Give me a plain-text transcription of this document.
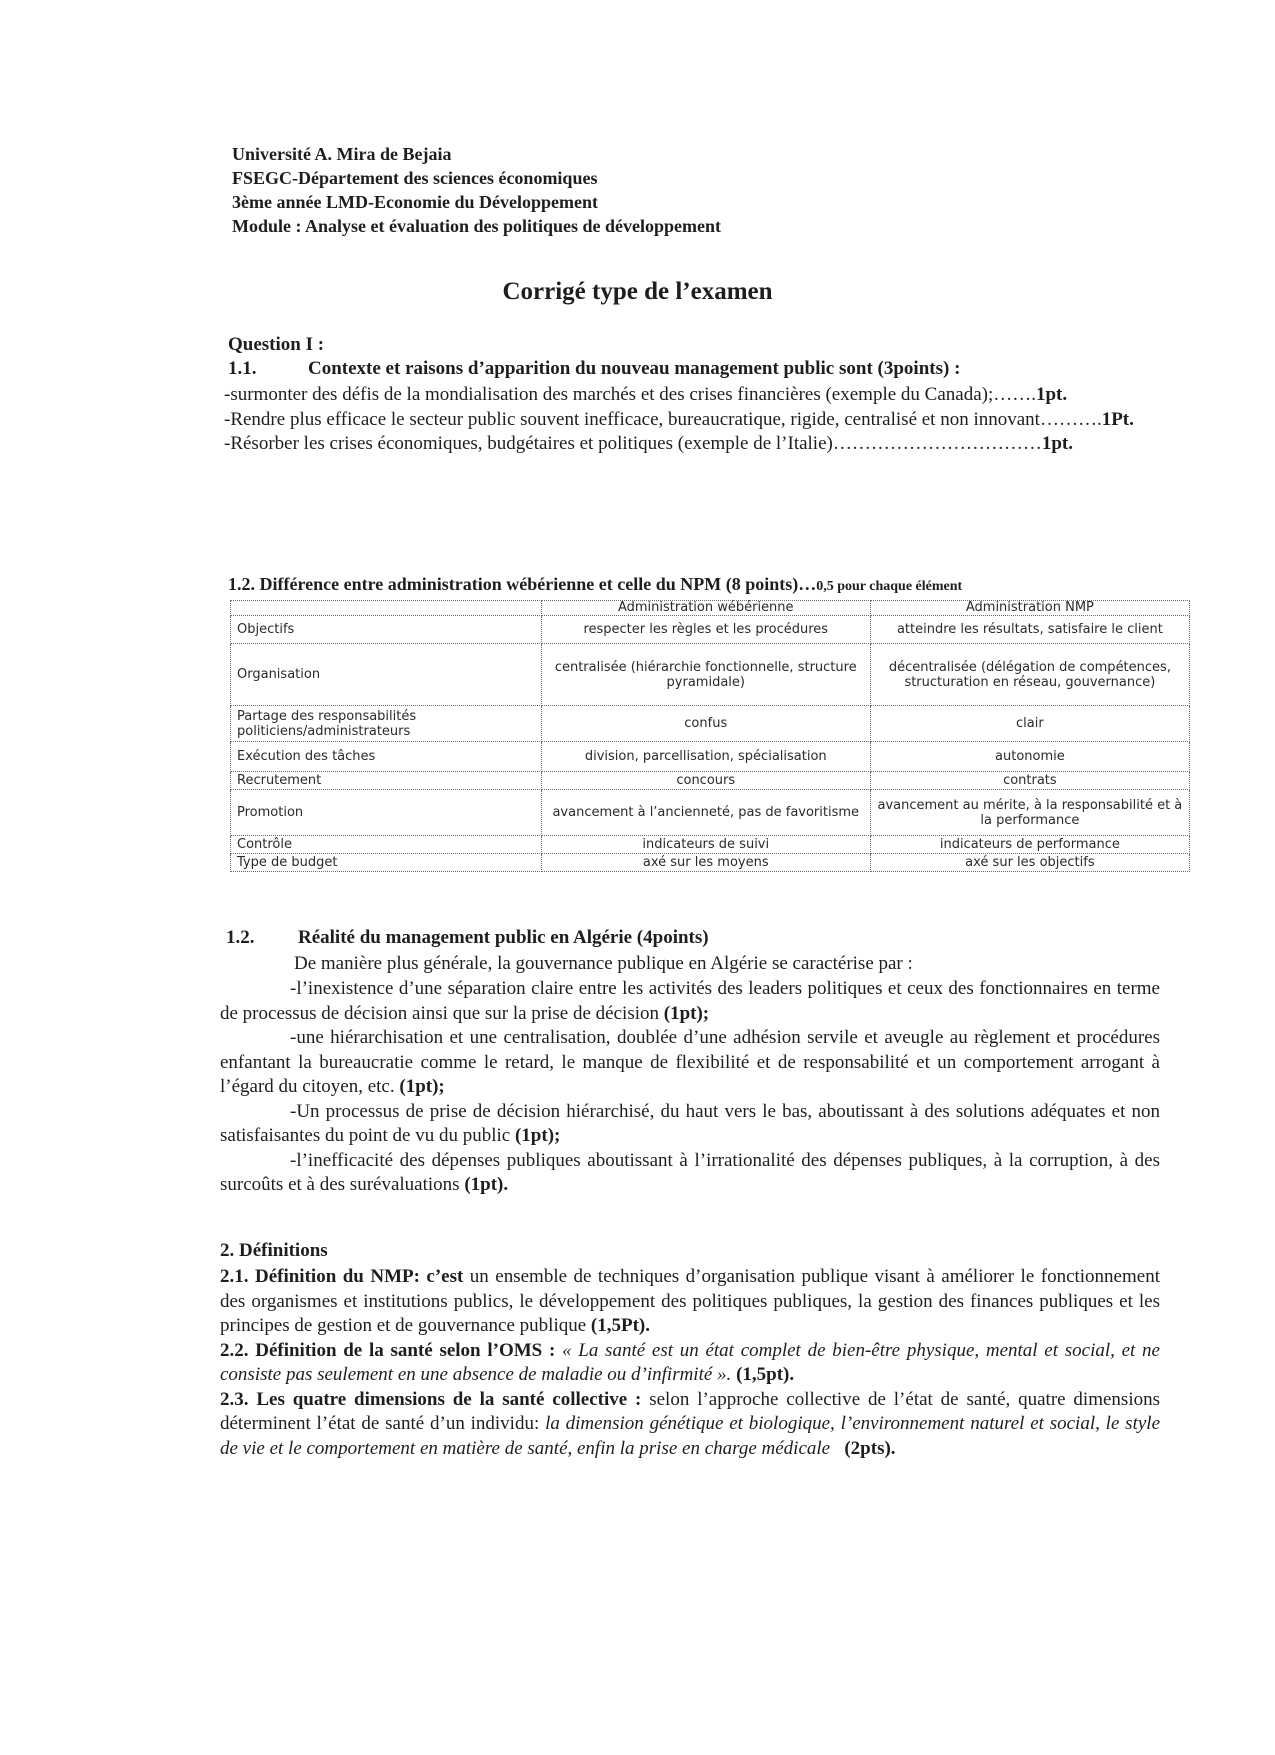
Université A. Mira de Bejaia
FSEGC-Département des sciences économiques
3ème année LMD-Economie du Développement
Module : Analyse et évaluation des politiques de développement
Corrigé type de l’examen
Question I :
1.1.	Contexte et raisons d’apparition du nouveau management public sont (3points) :

-surmonter des défis de la mondialisation des marchés et des crises financières (exemple du Canada);…….1pt.

-Rendre plus efficace le secteur public souvent inefficace, bureaucratique, rigide, centralisé et non innovant……….1Pt.

-Résorber les crises économiques, budgétaires et politiques (exemple de l’Italie)……………………………1pt.

1.2. Différence entre administration wébérienne et celle du NPM (8 points)…0,5 pour chaque élément
	Administration wébérienne	Administration NMP
Objectifs	respecter les règles et les procédures	atteindre les résultats, satisfaire le client
Organisation	centralisée (hiérarchie fonctionnelle, structure pyramidale)	décentralisée (délégation de compétences, structuration en réseau, gouvernance)
Partage des responsabilités politiciens/administrateurs	confus	clair
Exécution des tâches	division, parcellisation, spécialisation	autonomie
Recrutement	concours	contrats
Promotion	avancement à l’ancienneté, pas de favoritisme	avancement au mérite, à la responsabilité et à la performance
Contrôle	indicateurs de suivi	indicateurs de performance
Type de budget	axé sur les moyens	axé sur les objectifs
1.2. Réalité du management public en Algérie (4points)

De manière plus générale, la gouvernance publique en Algérie se caractérise par :

-l’inexistence d’une séparation claire entre les activités des leaders politiques et ceux des fonctionnaires en terme de processus de décision ainsi que sur la prise de décision (1pt);

-une hiérarchisation et une centralisation, doublée d’une adhésion servile et aveugle au règlement et procédures enfantant la bureaucratie comme le retard, le manque de flexibilité et de responsabilité et un comportement arrogant à l’égard du citoyen, etc. (1pt);

-Un processus de prise de décision hiérarchisé, du haut vers le bas, aboutissant à des solutions adéquates et non satisfaisantes du point de vu du public (1pt);

-l’inefficacité des dépenses publiques aboutissant à l’irrationalité des dépenses publiques, à la corruption, à des surcoûts et à des surévaluations (1pt).

2. Définitions

2.1. Définition du NMP: c’est un ensemble de techniques d’organisation publique visant à améliorer le fonctionnement des organismes et institutions publics, le développement des politiques publiques, la gestion des finances publiques et les principes de gestion et de gouvernance publique (1,5Pt).

2.2. Définition de la santé selon l’OMS : « La santé est un état complet de bien-être physique, mental et social, et ne consiste pas seulement en une absence de maladie ou d’infirmité ». (1,5pt).

2.3. Les quatre dimensions de la santé collective : selon l’approche collective de l’état de santé, quatre dimensions déterminent l’état de santé d’un individu: la dimension génétique et biologique, l’environnement naturel et social, le style de vie et le comportement en matière de santé, enfin la prise en charge médicale (2pts).
